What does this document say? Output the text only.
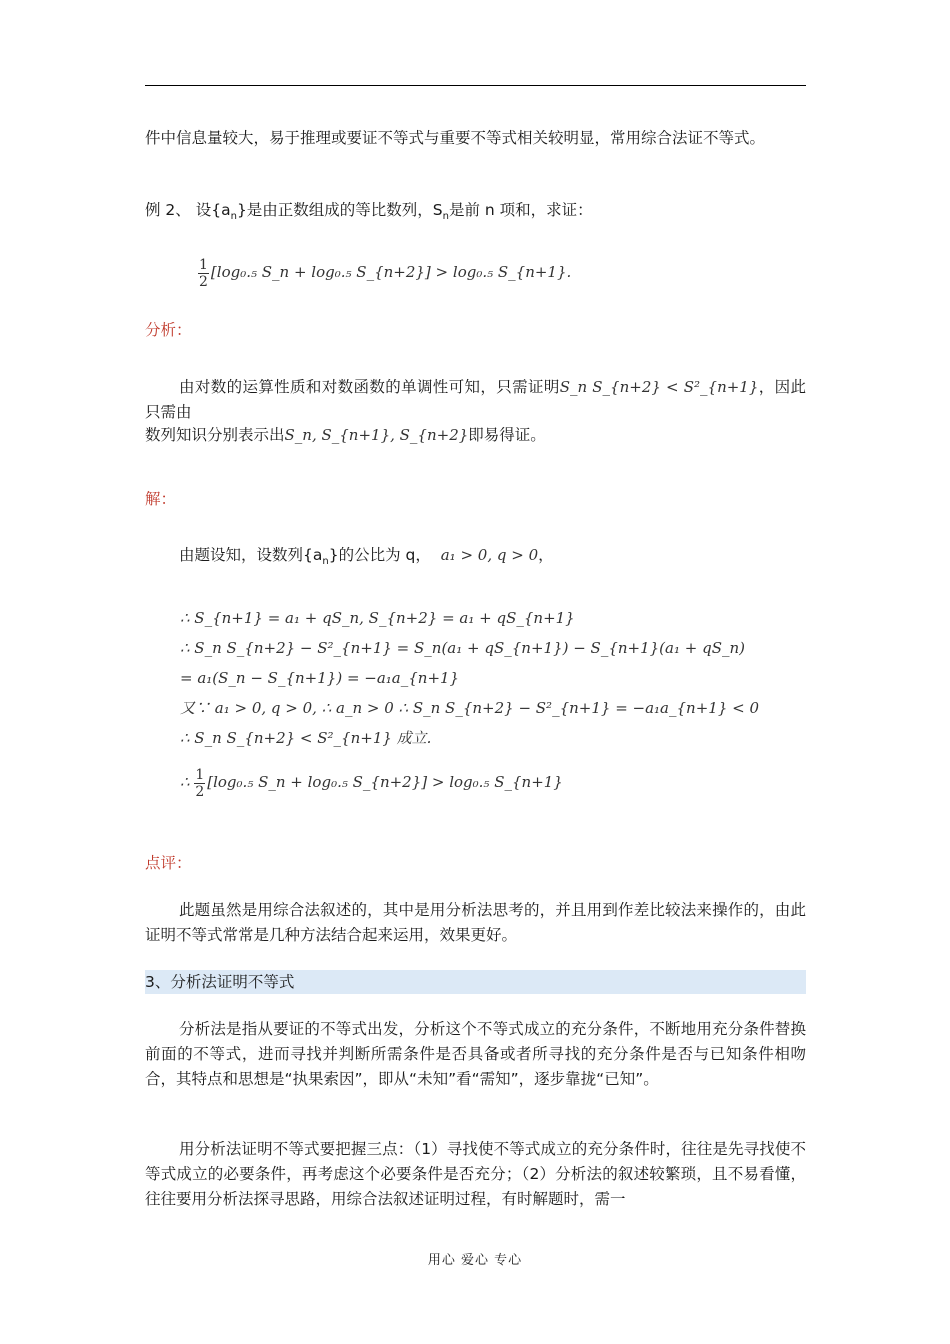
件中信息量较大，易于推理或要证不等式与重要不等式相关较明显，常用综合法证不等式。

例 2、 设$\{a_n\}$是由正数组成的等比数列，$S_n$是前 n 项和，求证：

$\frac{1}{2} [\log_0._5$ S_n + log₀.₅ S_{n+2}] > log₀.₅ S_{n+1}.

分析：

由对数的运算性质和对数函数的单调性可知，只需证明S_n S_{n+2} < S²_{n+1}，因此只需由

数列知识分别表示出S_n, S_{n+1}, S_{n+2}即易得证。

解：

由题设知，设数列$\{a_n\}$的公比为 q， a₁ > 0, q > 0，

∴ S_{n+1} = a₁ + qS_n, S_{n+2} = a₁ + qS_{n+1}
∴ S_n S_{n+2} − S²_{n+1} = S_n(a₁ + qS_{n+1}) − S_{n+1}(a₁ + qS_n)
= a₁(S_n − S_{n+1}) = −a₁a_{n+1}
又∵ a₁ > 0, q > 0, ∴ a_n > 0 ∴ S_n S_{n+2} − S²_{n+1} = −a₁a_{n+1} < 0
∴ S_n S_{n+2} < S²_{n+1} 成立.
∴ $\frac{1}{2} [\log_0._5$ S_n + log₀.₅ S_{n+2}] > log₀.₅ S_{n+1}

点评：

此题虽然是用综合法叙述的，其中是用分析法思考的，并且用到作差比较法来操作的，由此证明不等式常常是几种方法结合起来运用，效果更好。

3、分析法证明不等式

分析法是指从要证的不等式出发，分析这个不等式成立的充分条件，不断地用充分条件替换前面的不等式，进而寻找并判断所需条件是否具备或者所寻找的充分条件是否与已知条件相吻合，其特点和思想是“执果索因”，即从“未知”看“需知”，逐步靠拢“已知”。

用分析法证明不等式要把握三点：（1）寻找使不等式成立的充分条件时，往往是先寻找使不等式成立的必要条件，再考虑这个必要条件是否充分；（2）分析法的叙述较繁琐，且不易看懂，往往要用分析法探寻思路，用综合法叙述证明过程，有时解题时，需一

用心 爱心 专心
